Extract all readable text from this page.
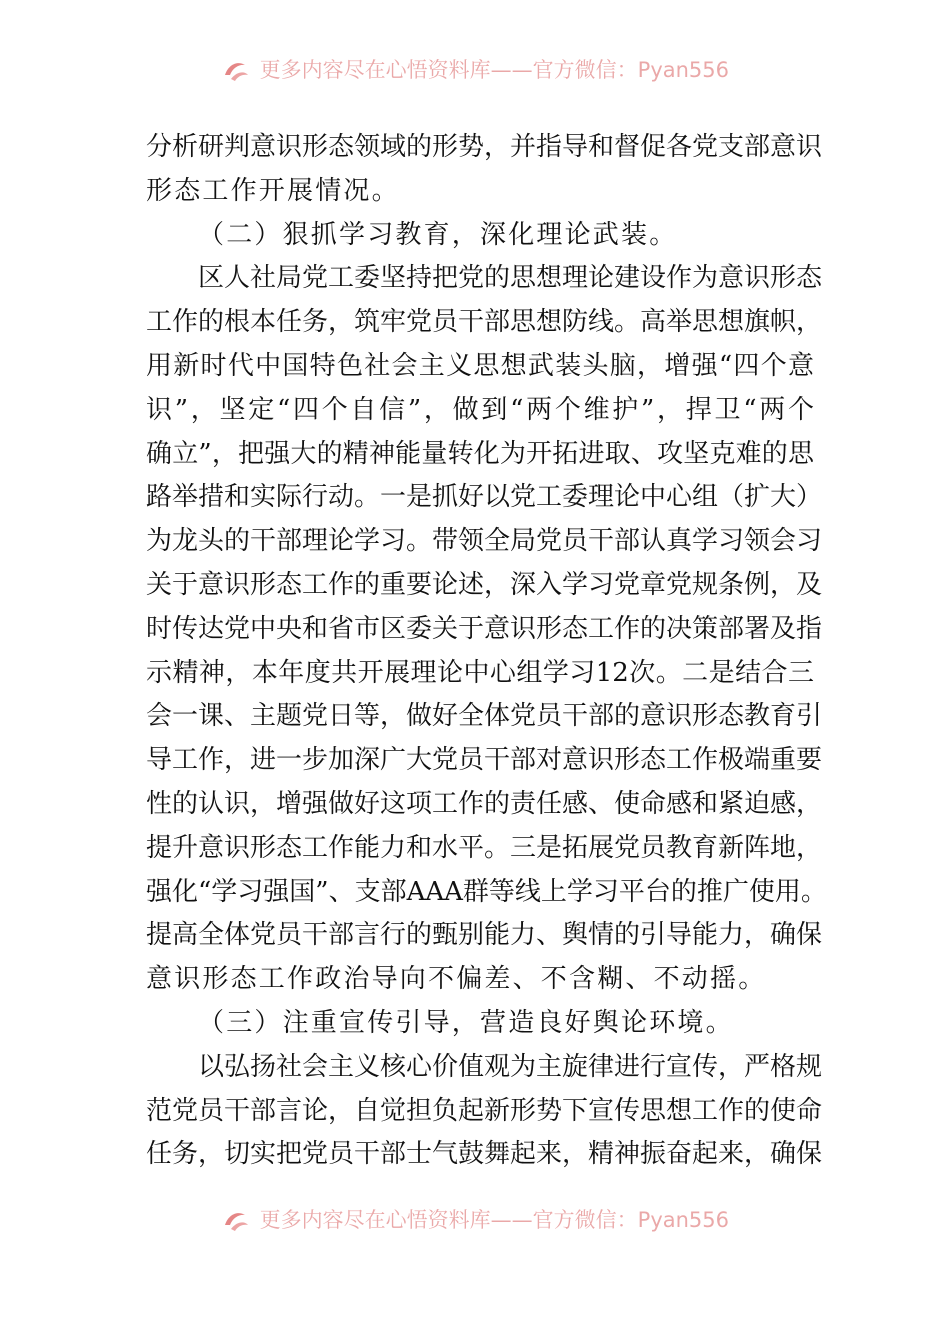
更多内容尽在心悟资料库——官方微信：Pyan556
分析研判意识形态领域的形势，并指导和督促各党支部意识
形态工作开展情况。
（二）狠抓学习教育，深化理论武装。
区人社局党工委坚持把党的思想理论建设作为意识形态
工作的根本任务，筑牢党员干部思想防线。高举思想旗帜，
用新时代中国特色社会主义思想武装头脑，增强“四个意
识”，坚定“四个自信”，做到“两个维护”，捍卫“两个
确立”，把强大的精神能量转化为开拓进取、攻坚克难的思
路举措和实际行动。一是抓好以党工委理论中心组（扩大）
为龙头的干部理论学习。带领全局党员干部认真学习领会习
关于意识形态工作的重要论述，深入学习党章党规条例，及
时传达党中央和省市区委关于意识形态工作的决策部署及指
示精神，本年度共开展理论中心组学习12次。二是结合三
会一课、主题党日等，做好全体党员干部的意识形态教育引
导工作，进一步加深广大党员干部对意识形态工作极端重要
性的认识，增强做好这项工作的责任感、使命感和紧迫感，
提升意识形态工作能力和水平。三是拓展党员教育新阵地，
强化“学习强国”、支部AAA群等线上学习平台的推广使用。
提高全体党员干部言行的甄别能力、舆情的引导能力，确保
意识形态工作政治导向不偏差、不含糊、不动摇。
（三）注重宣传引导，营造良好舆论环境。
以弘扬社会主义核心价值观为主旋律进行宣传，严格规
范党员干部言论，自觉担负起新形势下宣传思想工作的使命
任务，切实把党员干部士气鼓舞起来，精神振奋起来，确保
更多内容尽在心悟资料库——官方微信：Pyan556
